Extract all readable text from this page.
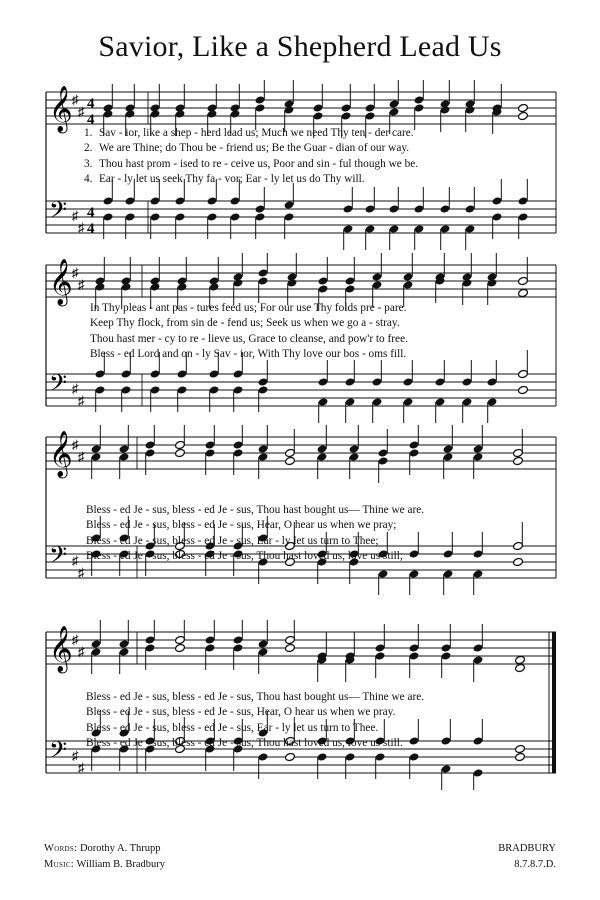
Savior, Like a Shepherd Lead Us
𝄞
𝄢
♯
♯
♯
♯
4
4
4
4
1. Sav - ior, like a shep - herd lead us; Much we need Thy ten - der care.
2. We are Thine; do Thou be - friend us; Be the Guar - dian of our way.
3. Thou hast prom - ised to re - ceive us, Poor and sin - ful though we be.
4. Ear - ly let us seek Thy fa - vor; Ear - ly let us do Thy will.
𝄞
𝄢
♯
♯
♯
♯
In Thy pleas - ant pas - tures feed us; For our use Thy folds pre - pare.
Keep Thy flock, from sin de - fend us; Seek us when we go a - stray.
Thou hast mer - cy to re - lieve us, Grace to cleanse, and pow'r to free.
Bless - ed Lord and on - ly Sav - ior, With Thy love our bos - oms fill.
𝄞
𝄢
♯
♯
♯
♯
Bless - ed Je - sus, bless - ed Je - sus, Thou hast bought us— Thine we are.
Bless - ed Je - sus, bless - ed Je - sus, Hear, O hear us when we pray;
Bless - ed Je - sus, bless - ed Je - sus, Ear - ly let us turn to Thee;
Bless - ed Je - sus, bless - ed Je - sus, Thou hast loved us, love us still;
𝄞
𝄢
♯
♯
♯
♯
Bless - ed Je - sus, bless - ed Je - sus, Thou hast bought us— Thine we are.
Bless - ed Je - sus, bless - ed Je - sus, Hear, O hear us when we pray.
Bless - ed Je - sus, bless - ed Je - sus, Ear - ly let us turn to Thee.
Bless - ed Je - sus, bless - ed Je - sus, Thou hast loved us, love us still.
Words: Dorothy A. Thrupp
Music: William B. Bradbury
BRADBURY
8.7.8.7.D.
